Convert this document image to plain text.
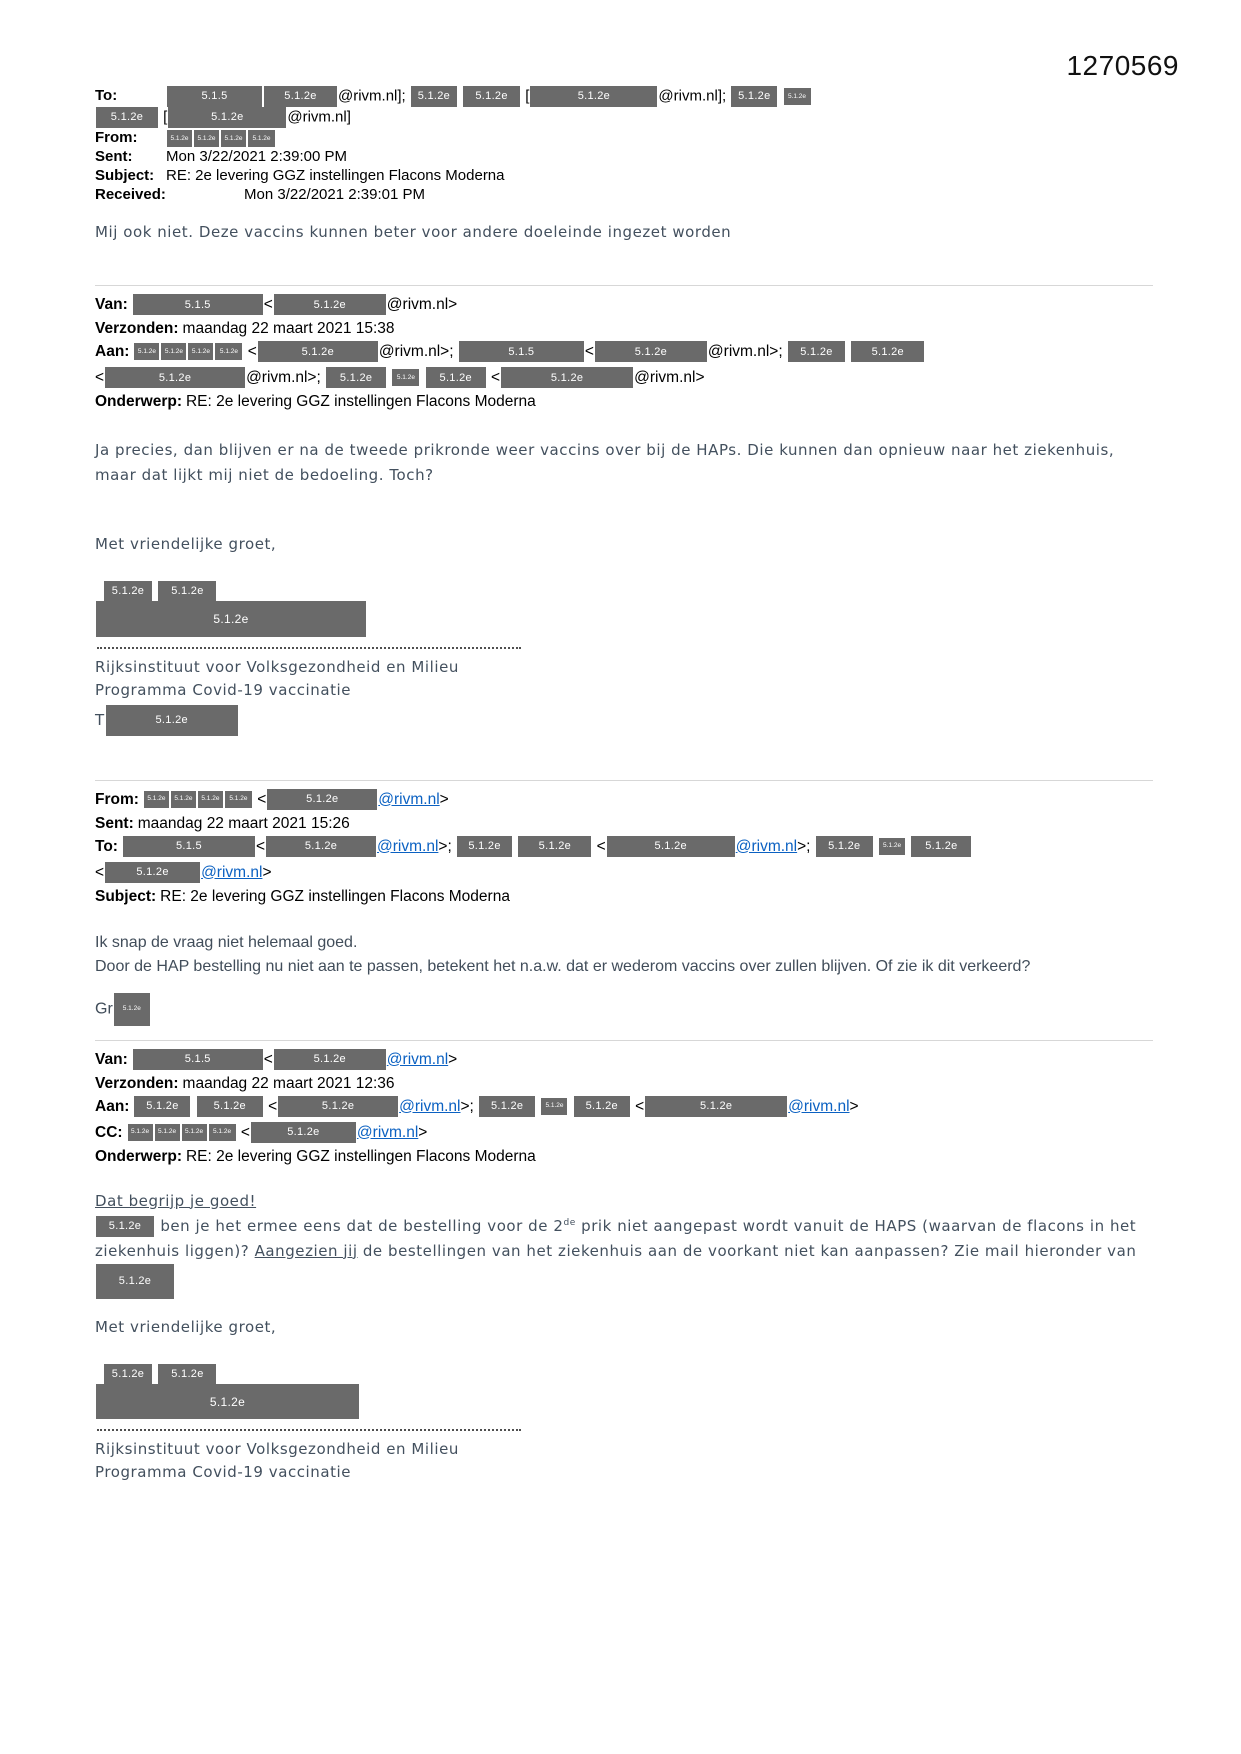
1270569
To:	5.1.5	5.1.2e @rivm.nl]; 5.1.2e 5.1.2e [	5.1.2e	@rivm.nl]; 5.1.2e	5.1.2e
5.1.2e [	5.1.2e	@rivm.nl]
From:	5.1.2e 5.1.2e 5.1.2e 5.1.2e
Sent: Mon 3/22/2021 2:39:00 PM
Subject: RE: 2e levering GGZ instellingen Flacons Moderna
Received:	Mon 3/22/2021 2:39:01 PM
Mij ook niet. Deze vaccins kunnen beter voor andere doeleinde ingezet worden
Van:	5.1.5	<	5.1.2e	@rivm.nl>
Verzonden: maandag 22 maart 2021 15:38
Aan: 5.1.2e 5.1.2e 5.1.2e 5.1.2e <	5.1.2e	@rivm.nl>;	5.1.5	<	5.1.2e	@rivm.nl>; 5.1.2e	5.1.2e
<	5.1.2e	@rivm.nl>; 5.1.2e	5.1.2e 5.1.2e <	5.1.2e	@rivm.nl>
Onderwerp: RE: 2e levering GGZ instellingen Flacons Moderna
Ja precies, dan blijven er na de tweede prikronde weer vaccins over bij de HAPs. Die kunnen dan opnieuw naar het ziekenhuis, maar dat lijkt mij niet de bedoeling. Toch?
Met vriendelijke groet,
5.1.2e 5.1.2e
5.1.2e
Rijksinstituut voor Volksgezondheid en Milieu
Programma Covid-19 vaccinatie
T	5.1.2e
From: 5.1.2e 5.1.2e 5.1.2e 5.1.2e <	5.1.2e	@rivm.nl>
Sent: maandag 22 maart 2021 15:26
To:	5.1.5	<	5.1.2e	@rivm.nl>; 5.1.2e	5.1.2e <	5.1.2e	@rivm.nl>; 5.1.2e	5.1.2e 5.1.2e
<	5.1.2e @rivm.nl>
Subject: RE: 2e levering GGZ instellingen Flacons Moderna
Ik snap de vraag niet helemaal goed.
Door de HAP bestelling nu niet aan te passen, betekent het n.a.w. dat er wederom vaccins over zullen blijven. Of zie ik dit verkeerd?
Gr 5.1.2e
Van:	5.1.5	<	5.1.2e	@rivm.nl>
Verzonden: maandag 22 maart 2021 12:36
Aan: 5.1.2e	5.1.2e <	5.1.2e	@rivm.nl>; 5.1.2e	5.1.2e 5.1.2e <	5.1.2e	@rivm.nl>
CC: 5.1.2e 5.1.2e 5.1.2e 5.1.2e <	5.1.2e @rivm.nl>
Onderwerp: RE: 2e levering GGZ instellingen Flacons Moderna
Dat begrijp je goed!
5.1.2e ben je het ermee eens dat de bestelling voor de 2de prik niet aangepast wordt vanuit de HAPS (waarvan de flacons in het ziekenhuis liggen)? Aangezien jij de bestellingen van het ziekenhuis aan de voorkant niet kan aanpassen? Zie mail hieronder van 5.1.2e
Met vriendelijke groet,
5.1.2e 5.1.2e
5.1.2e
Rijksinstituut voor Volksgezondheid en Milieu
Programma Covid-19 vaccinatie
